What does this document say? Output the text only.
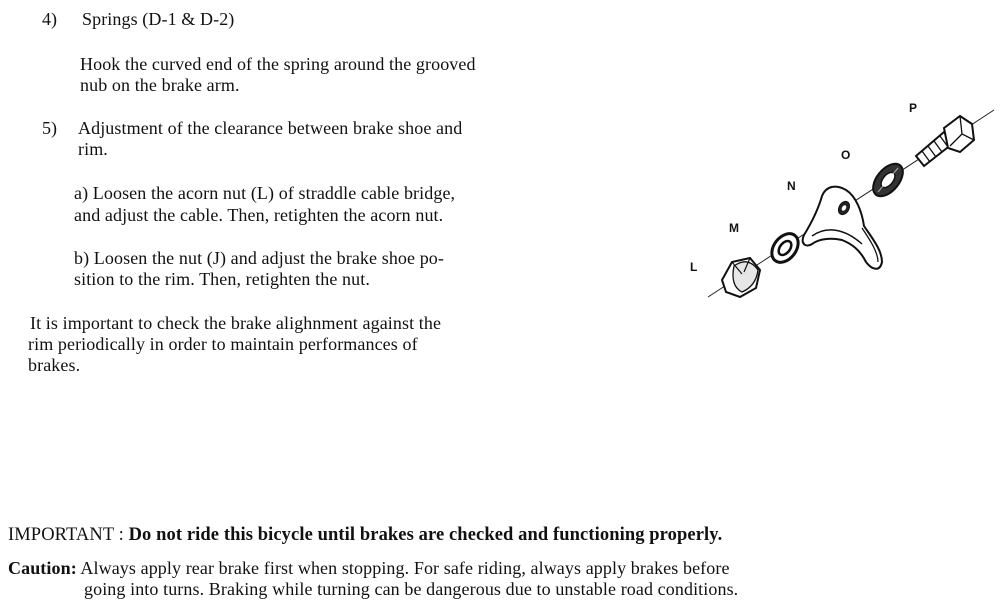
4) Springs (D-1 & D-2)
Hook the curved end of the spring around the grooved
nub on the brake arm.
5) Adjustment of the clearance between brake shoe and
rim.
a) Loosen the acorn nut (L) of straddle cable bridge,
and adjust the cable. Then, retighten the acorn nut.
b) Loosen the nut (J) and adjust the brake shoe po-
sition to the rim. Then, retighten the nut.
It is important to check the brake alighnment against the
rim periodically in order to maintain performances of
brakes.
L
M
N
O
P
IMPORTANT : Do not ride this bicycle until brakes are checked and functioning properly.
Caution: Always apply rear brake first when stopping. For safe riding, always apply brakes before
going into turns. Braking while turning can be dangerous due to unstable road conditions.
